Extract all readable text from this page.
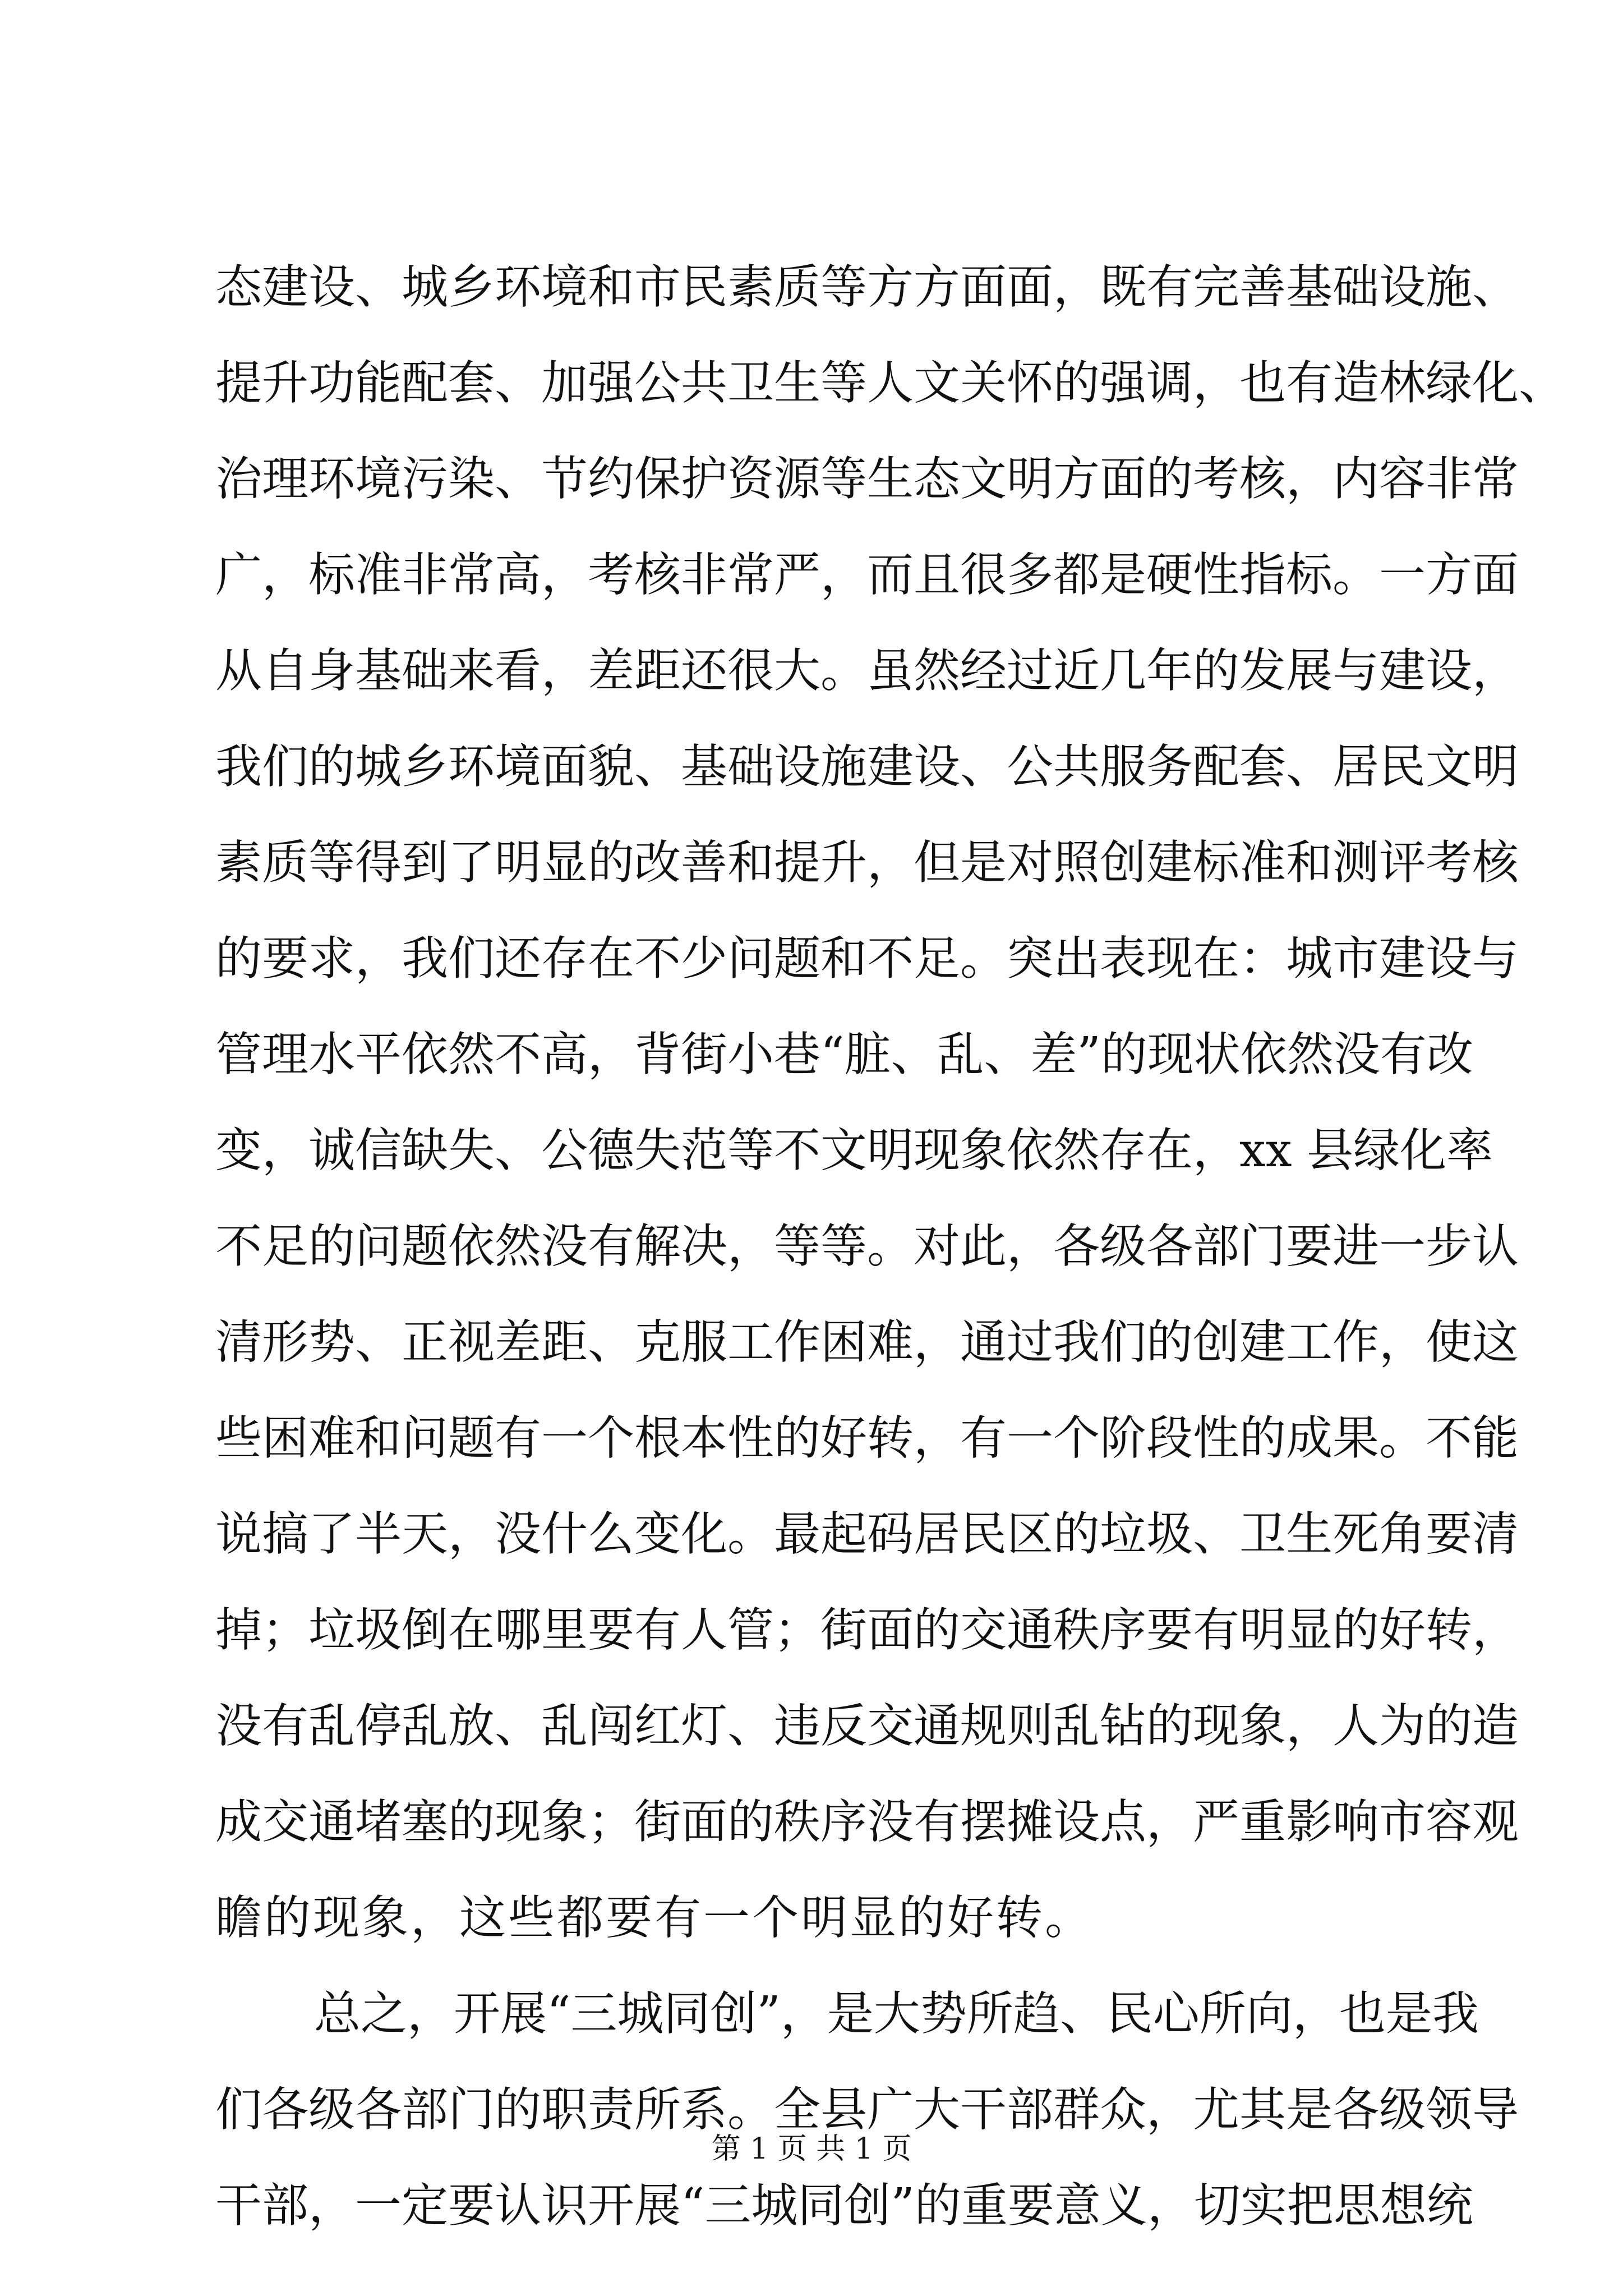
态建设、城乡环境和市民素质等方方面面，既有完善基础设施、
提升功能配套、加强公共卫生等人文关怀的强调，也有造林绿化、
治理环境污染、节约保护资源等生态文明方面的考核，内容非常
广，标准非常高，考核非常严，而且很多都是硬性指标。一方面
从自身基础来看，差距还很大。虽然经过近几年的发展与建设，
我们的城乡环境面貌、基础设施建设、公共服务配套、居民文明
素质等得到了明显的改善和提升，但是对照创建标准和测评考核
的要求，我们还存在不少问题和不足。突出表现在：城市建设与
管理水平依然不高，背街小巷“脏、乱、差”的现状依然没有改
变，诚信缺失、公德失范等不文明现象依然存在，xx 县绿化率
不足的问题依然没有解决，等等。对此，各级各部门要进一步认
清形势、正视差距、克服工作困难，通过我们的创建工作，使这
些困难和问题有一个根本性的好转，有一个阶段性的成果。不能
说搞了半天，没什么变化。最起码居民区的垃圾、卫生死角要清
掉；垃圾倒在哪里要有人管；街面的交通秩序要有明显的好转，
没有乱停乱放、乱闯红灯、违反交通规则乱钻的现象，人为的造
成交通堵塞的现象；街面的秩序没有摆摊设点，严重影响市容观
瞻的现象，这些都要有一个明显的好转。
总之，开展“三城同创”，是大势所趋、民心所向，也是我
们各级各部门的职责所系。全县广大干部群众，尤其是各级领导
干部，一定要认识开展“三城同创”的重要意义，切实把思想统
第 1 页 共 1 页
